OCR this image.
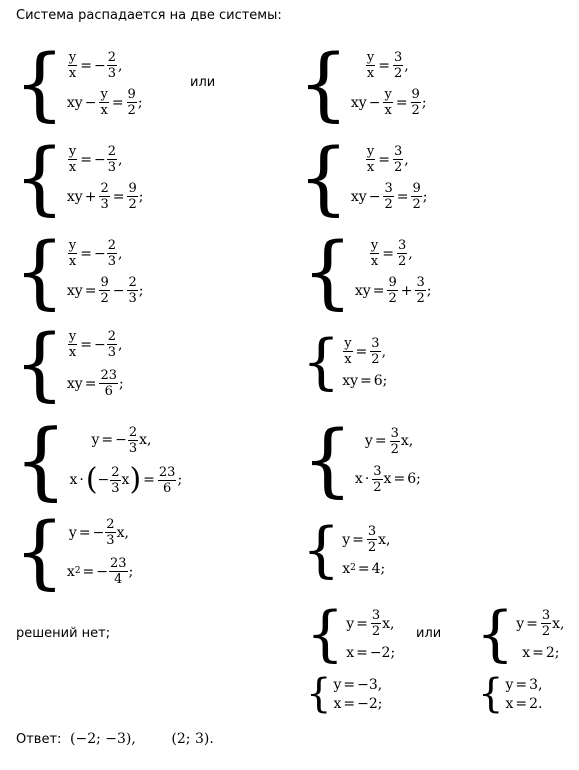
Система распадается на две системы:
{ $\frac{y}{x}$ = − $\frac{2}{3}$ ,
xy − $\frac{y}{x} = \frac{9}{2}$ ;
или { $\frac{y}{x} = \frac{3}{2}$ ,
xy − $\frac{y}{x} = \frac{9}{2}$ ;
{ $\frac{y}{x}$ = − $\frac{2}{3}$ ,
xy + $\frac{2}{3} = \frac{9}{2}$ ; { $\frac{y}{x} = \frac{3}{2}$ ,
xy − $\frac{3}{2} = \frac{9}{2}$ ;
{ $\frac{y}{x}$ = − $\frac{2}{3}$ ,
xy = $\frac{9}{2} - \frac{2}{3}$ ; { $\frac{y}{x} = \frac{3}{2}$ ,
xy = $\frac{9}{2} + \frac{3}{2}$ ;
{ $\frac{y}{x}$ = − $\frac{2}{3}$ ,
xy = $\frac{23}{6}$ ;	{ $\frac{y}{x} = \frac{3}{2}$ ,
xy = 6 ;
{ y = − $\frac{2}{3}$ x ,
x · ( − $\frac{2}{3}$ x ) = $\frac{23}{6}$ ; { $y = \frac{3}{2}$ x ,
$x \cdot \frac{3}{2}$ x = 6 ;
{ y = − $\frac{2}{3}$ x ,
x 2 = − $\frac{23}{4}$ ;	{ $y = \frac{3}{2}$ x ,
x 2 = 4 ;
решений нет;	{ $y = \frac{3}{2}$ x ,
x = −2 ;
или { $y = \frac{3}{2}$ x ,
x = 2 ;
{ y = −3 ,
x = −2 ; { y = 3 ,
x = 2 .
Ответ: (−2; −3),        (2; 3).
